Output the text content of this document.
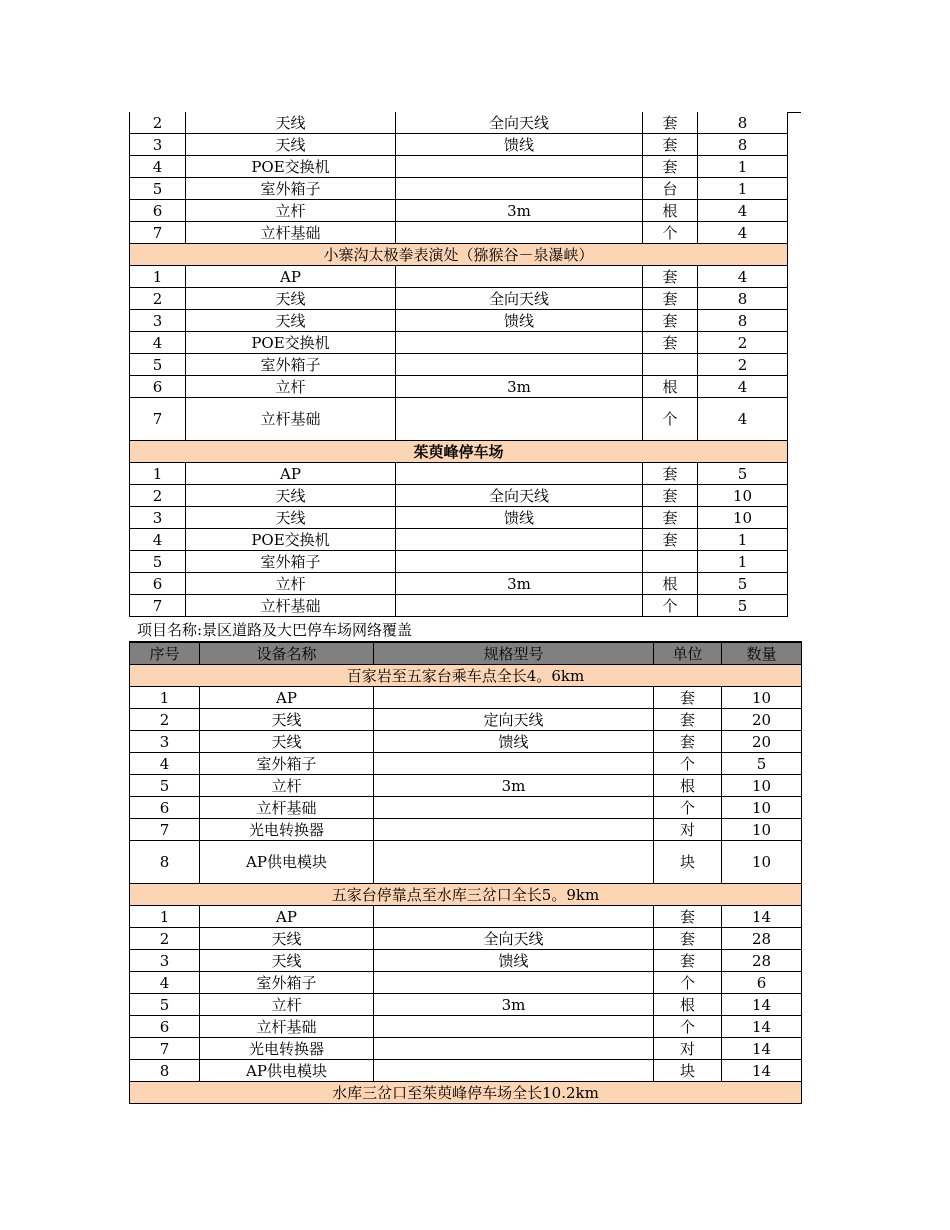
2	天线	全向天线	套	8
3	天线	馈线	套	8
4	POE交换机		套	1
5	室外箱子		台	1
6	立杆	3m	根	4
7	立杆基础		个	4
小寨沟太极拳表演处（猕猴谷－泉瀑峡）				
1	AP		套	4
2	天线	全向天线	套	8
3	天线	馈线	套	8
4	POE交换机		套	2
5	室外箱子			2
6	立杆	3m	根	4
7	立杆基础		个	4
茱萸峰停车场				
1	AP		套	5
2	天线	全向天线	套	10
3	天线	馈线	套	10
4	POE交换机		套	1
5	室外箱子			1
6	立杆	3m	根	5
7	立杆基础		个	5
项目名称:景区道路及大巴停车场网络覆盖
序号	设备名称	规格型号	单位	数量
百家岩至五家台乘车点全长4。6km				
1	AP		套	10
2	天线	定向天线	套	20
3	天线	馈线	套	20
4	室外箱子		个	5
5	立杆	3m	根	10
6	立杆基础		个	10
7	光电转换器		对	10
8	AP供电模块		块	10
五家台停靠点至水库三岔口全长5。9km				
1	AP		套	14
2	天线	全向天线	套	28
3	天线	馈线	套	28
4	室外箱子		个	6
5	立杆	3m	根	14
6	立杆基础		个	14
7	光电转换器		对	14
8	AP供电模块		块	14
水库三岔口至茱萸峰停车场全长10.2km				
